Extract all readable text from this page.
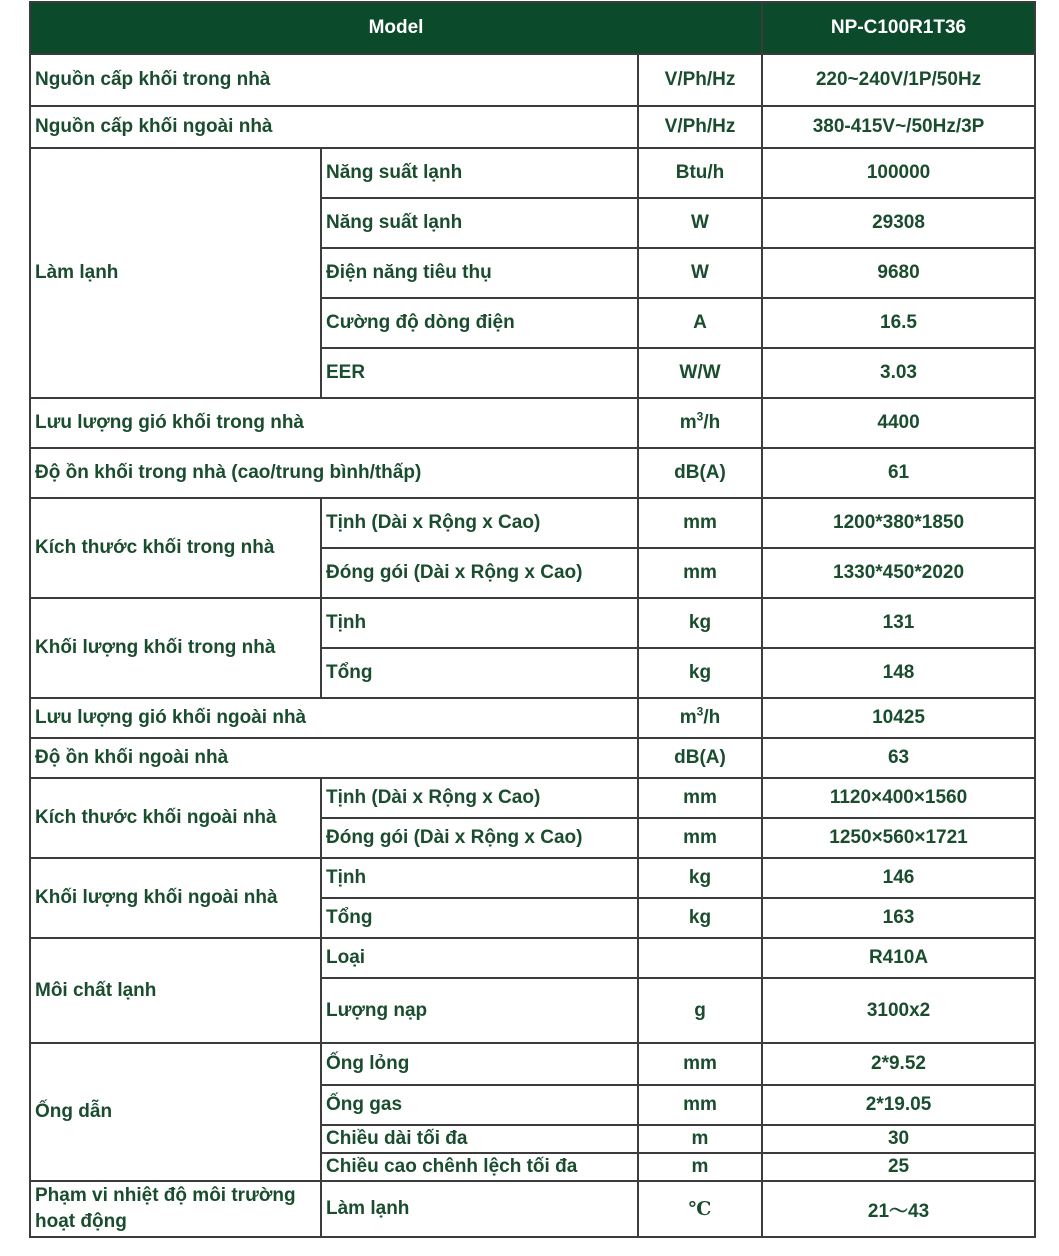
Model			NP-C100R1T36
Nguồn cấp khối trong nhà		V/Ph/Hz	220~240V/1P/50Hz
Nguồn cấp khối ngoài nhà		V/Ph/Hz	380-415V~/50Hz/3P
Làm lạnh	Năng suất lạnh	Btu/h	100000
	Năng suất lạnh	W	29308
	Điện năng tiêu thụ	W	9680
	Cường độ dòng điện	A	16.5
	EER	W/W	3.03
Lưu lượng gió khối trong nhà		$m^3/h$	4400
Độ ồn khối trong nhà (cao/trung bình/thấp)		dB(A)	61
Kích thước khối trong nhà	Tịnh (Dài x Rộng x Cao)	mm	1200*380*1850
	Đóng gói (Dài x Rộng x Cao)	mm	1330*450*2020
Khối lượng khối trong nhà	Tịnh	kg	131
	Tổng	kg	148
Lưu lượng gió khối ngoài nhà		$m^3/h$	10425
Độ ồn khối ngoài nhà		dB(A)	63
Kích thước khối ngoài nhà	Tịnh (Dài x Rộng x Cao)	mm	1120×400×1560
	Đóng gói (Dài x Rộng x Cao)	mm	1250×560×1721
Khối lượng khối ngoài nhà	Tịnh	kg	146
	Tổng	kg	163
Môi chất lạnh	Loại		R410A
	Lượng nạp	g	3100x2
Ống dẫn	Ống lỏng	mm	2*9.52
	Ống gas	mm	2*19.05
	Chiều dài tối đa	m	30
	Chiều cao chênh lệch tối đa	m	25
Phạm vi nhiệt độ môi trường hoạt động	Làm lạnh	℃	21～43
